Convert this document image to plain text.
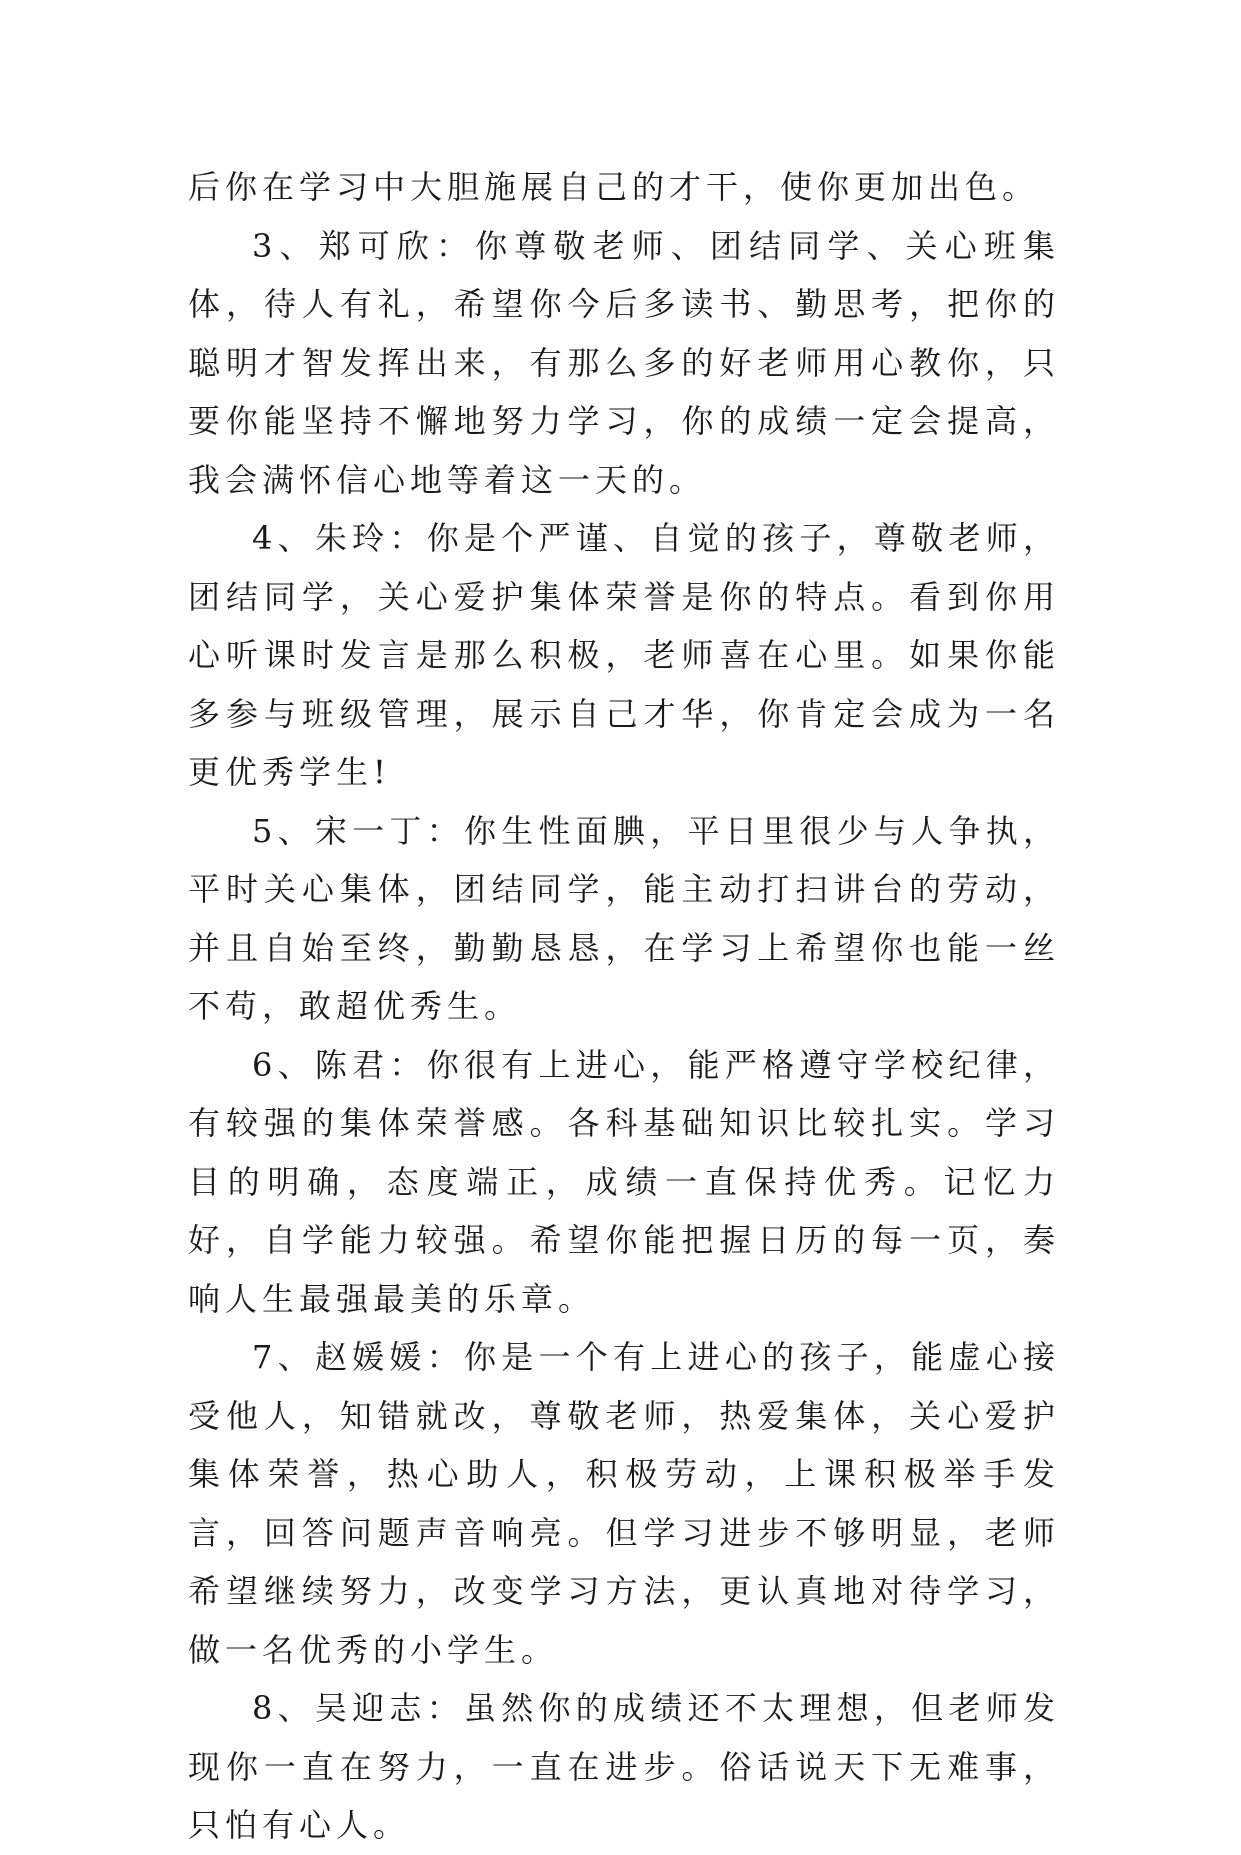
后你在学习中大胆施展自己的才干，使你更加出色。

3、郑可欣：你尊敬老师、团结同学、关心班集体，待人有礼，希望你今后多读书、勤思考，把你的聪明才智发挥出来，有那么多的好老师用心教你，只要你能坚持不懈地努力学习，你的成绩一定会提高，我会满怀信心地等着这一天的。

4、朱玲：你是个严谨、自觉的孩子，尊敬老师，团结同学，关心爱护集体荣誉是你的特点。看到你用心听课时发言是那么积极，老师喜在心里。如果你能多参与班级管理，展示自己才华，你肯定会成为一名更优秀学生!

5、宋一丁：你生性面腆，平日里很少与人争执，平时关心集体，团结同学，能主动打扫讲台的劳动，并且自始至终，勤勤恳恳，在学习上希望你也能一丝不苟，敢超优秀生。

6、陈君：你很有上进心，能严格遵守学校纪律，有较强的集体荣誉感。各科基础知识比较扎实。学习目的明确，态度端正，成绩一直保持优秀。记忆力好，自学能力较强。希望你能把握日历的每一页，奏响人生最强最美的乐章。

7、赵媛媛：你是一个有上进心的孩子，能虚心接受他人，知错就改，尊敬老师，热爱集体，关心爱护集体荣誉，热心助人，积极劳动，上课积极举手发言，回答问题声音响亮。但学习进步不够明显，老师希望继续努力，改变学习方法，更认真地对待学习，做一名优秀的小学生。

8、吴迎志：虽然你的成绩还不太理想，但老师发现你一直在努力，一直在进步。俗话说天下无难事，只怕有心人。
